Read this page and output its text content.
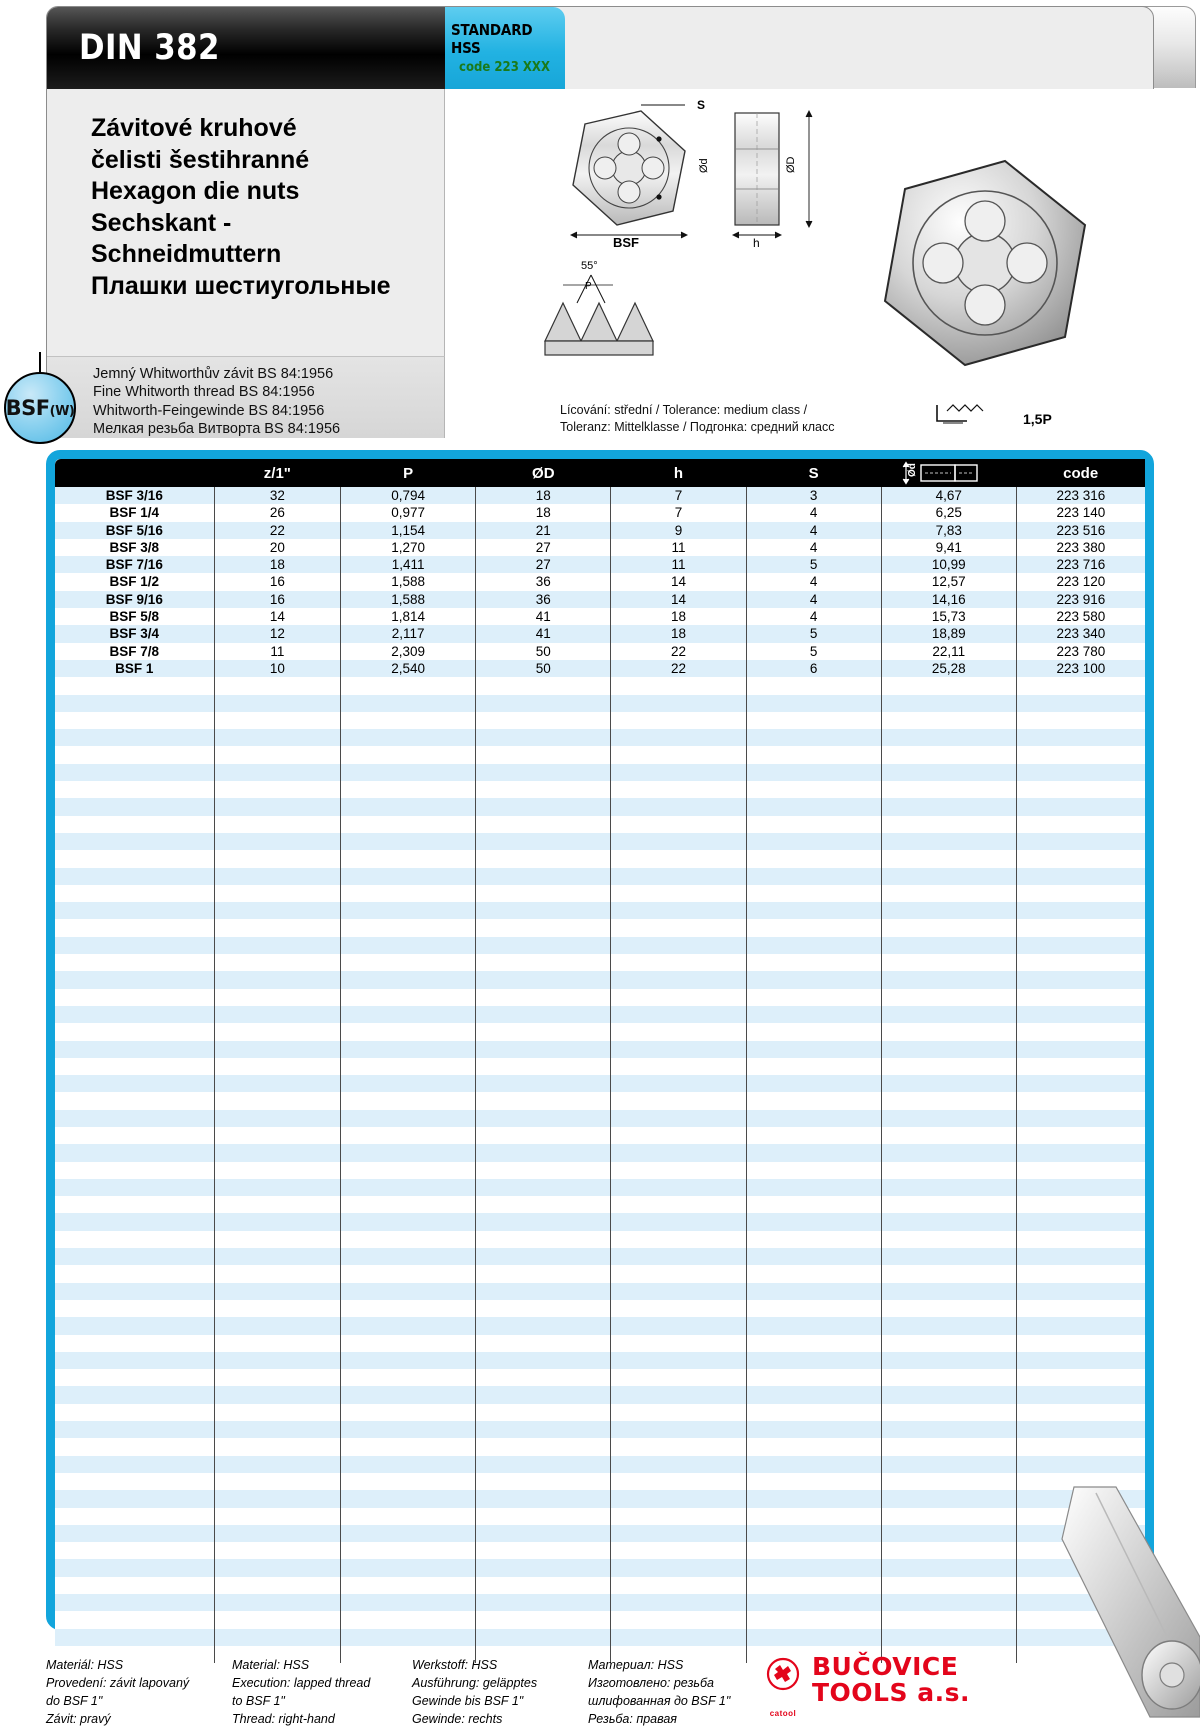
DIN 382	STANDARD HSS
code 223 XXX
Závitové kruhové
čelisti šestihranné
Hexagon die nuts
Sechskant -
Schneidmuttern
Плашки шестиугольные
Jemný Whitworthův závit BS 84:1956
Fine Whitworth thread BS 84:1956
Whitworth-Feingewinde BS 84:1956
Мелкая резьба Витворта BS 84:1956
S
Ød	ØD
BSF	h
55°
P
Lícování: střední / Tolerance: medium class /
Toleranz: Mittelklasse / Подгонка: средний класс	1,5P
BSF(W)
	z/1"	P	ØD	h	S	Ød	code
BSF 3/16	32	0,794	18	7	3	4,67	223 316
BSF 1/4	26	0,977	18	7	4	6,25	223 140
BSF 5/16	22	1,154	21	9	4	7,83	223 516
BSF 3/8	20	1,270	27	11	4	9,41	223 380
BSF 7/16	18	1,411	27	11	5	10,99	223 716
BSF 1/2	16	1,588	36	14	4	12,57	223 120
BSF 9/16	16	1,588	36	14	4	14,16	223 916
BSF 5/8	14	1,814	41	18	4	15,73	223 580
BSF 3/4	12	2,117	41	18	5	18,89	223 340
BSF 7/8	11	2,309	50	22	5	22,11	223 780
BSF 1	10	2,540	50	22	6	25,28	223 100

Materiál: HSS
Provedení: závit lapovaný
do BSF 1"
Závit: pravý
Material: HSS
Execution: lapped thread
to BSF 1"
Thread: right-hand
Werkstoff: HSS
Ausführung: geläpptes
Gewinde bis BSF 1"
Gewinde: rechts
Материал: HSS
Изготовлено: резьба
шлифованная до BSF 1"
Резьба: правая	catool
BUČOVICE
TOOLS a.s.
